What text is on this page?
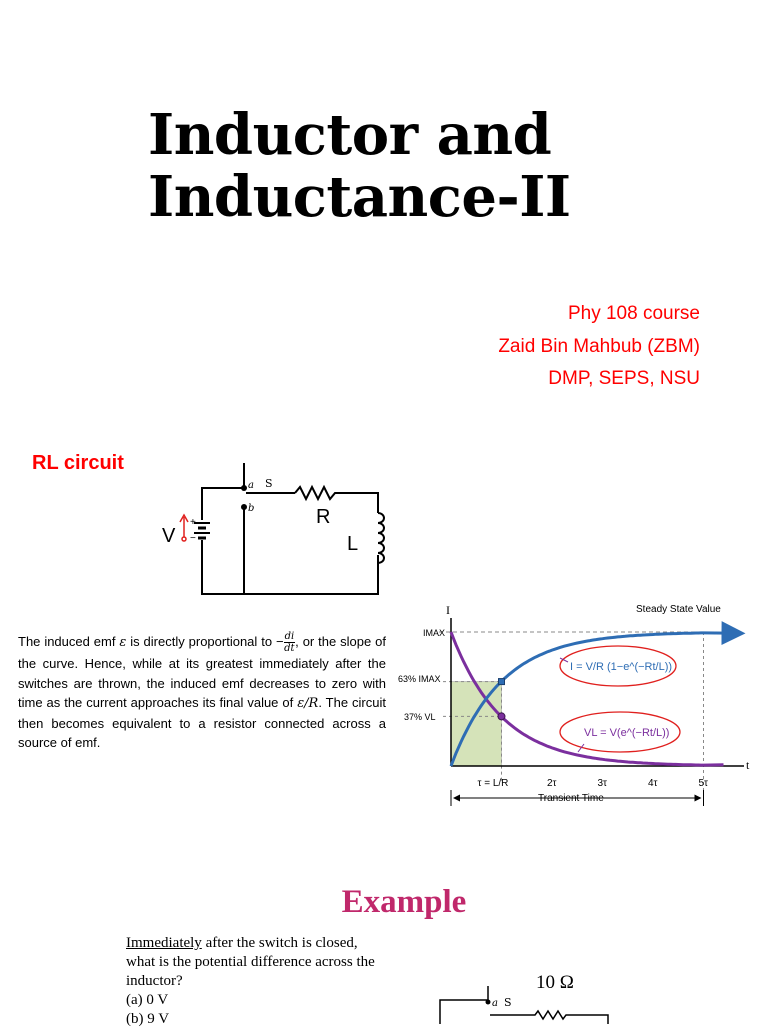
Inductor and
Inductance-II
Phy 108 course
Zaid Bin Mahbub (ZBM)
DMP, SEPS, NSU
RL circuit
a
b
S
+
−
V
R
L
The induced emf ε is directly proportional to − $\frac{di}{dt}$ , or the slope of the curve. Hence, while at its greatest immediately after the switches are thrown, the induced emf decreases to zero with time as the current approaches its final value of ε/R. The circuit then becomes equivalent to a resistor connected across a source of emf.
I = V/R (1−e^(−Rt/L))
VL = V(e^(−Rt/L))
I
t
IMAX
63% IMAX
37% VL
Steady State Value
Transient Time
τ = L/R	2τ	3τ	4τ	5τ
Example
Immediately after the switch is closed, what is the potential difference across the inductor?
(a) 0 V
(b) 9 V
10 Ω
a S
